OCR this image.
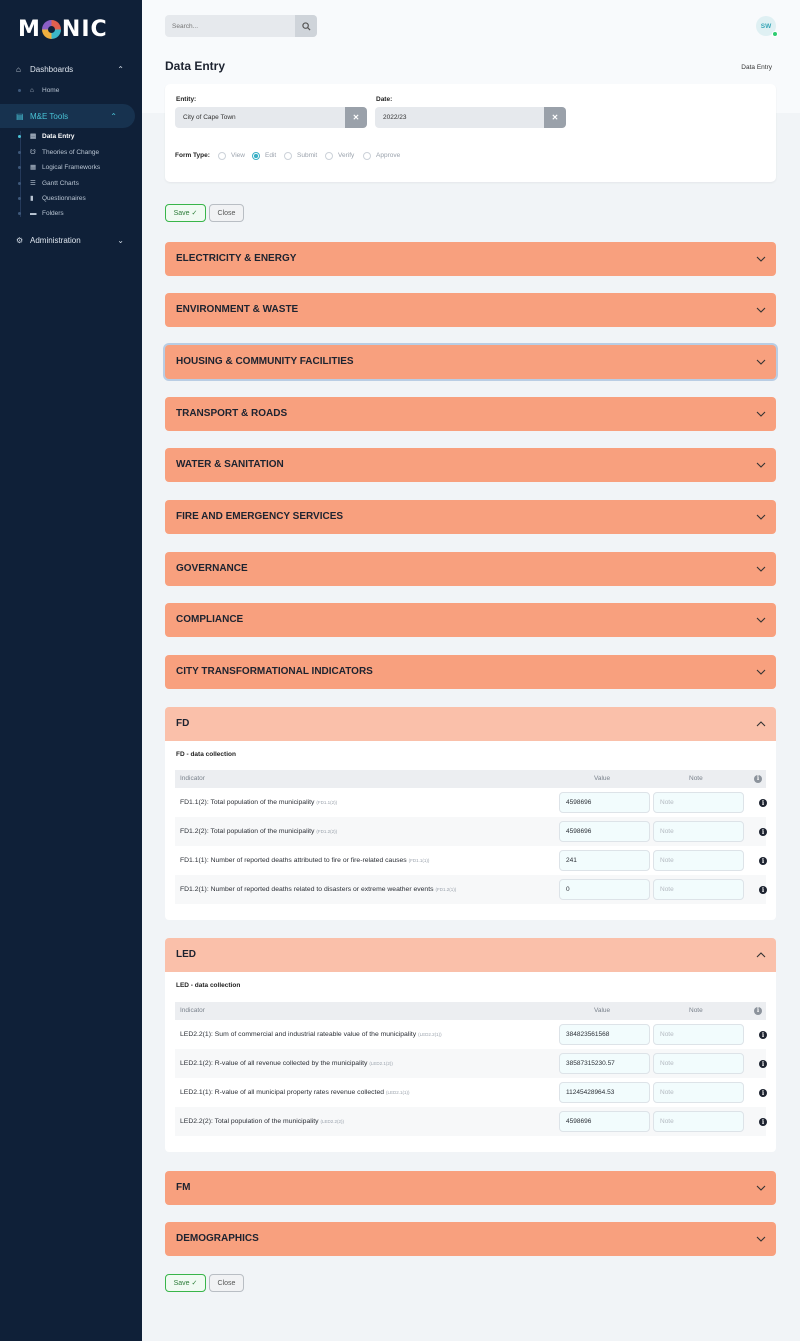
M NIC
⌂	Dashboards	⌃
⌂	Home
▤ M&E Tools	⌃
▤ Data Entry
☋ Theories of Change
▦ Logical Frameworks
☰ Gantt Charts
▮	Questionnaires
▬ Folders
⚙ Administration	⌄
Search...
SW
Data Entry	Data Entry
Entity:
City of Cape Town	✕
Date:
2022/23	✕
Form Type:	View	Edit	Submit	Verify	Approve
Save
✓	Close
ELECTRICITY & ENERGY
ENVIRONMENT & WASTE
HOUSING & COMMUNITY FACILITIES
TRANSPORT & ROADS
WATER & SANITATION
FIRE AND EMERGENCY SERVICES
GOVERNANCE
COMPLIANCE
CITY TRANSFORMATIONAL INDICATORS
FD
FD - data collection
Indicator	Value	Note	i
FD1.1(2): Total population of the municipality (FD1.1(2))	4598696	Note	i
FD1.2(2): Total population of the municipality (FD1.2(2))	4598696	Note	i
FD1.1(1): Number of reported deaths attributed to fire or fire-related causes (FD1.1(1))	241	Note	i
FD1.2(1): Number of reported deaths related to disasters or extreme weather events (FD1.2(1))	0	Note	i
LED
LED - data collection
Indicator	Value	Note	i
LED2.2(1): Sum of commercial and industrial rateable value of the municipality (LED2.2(1))	384823561568	Note	i
LED2.1(2): R-value of all revenue collected by the municipality (LED2.1(2))	38587315230.57	Note	i
LED2.1(1): R-value of all municipal property rates revenue collected (LED2.1(1))	11245428964.53	Note	i
LED2.2(2): Total population of the municipality (LED2.2(2))	4598696	Note	i
FM
DEMOGRAPHICS
Save
✓	Close
